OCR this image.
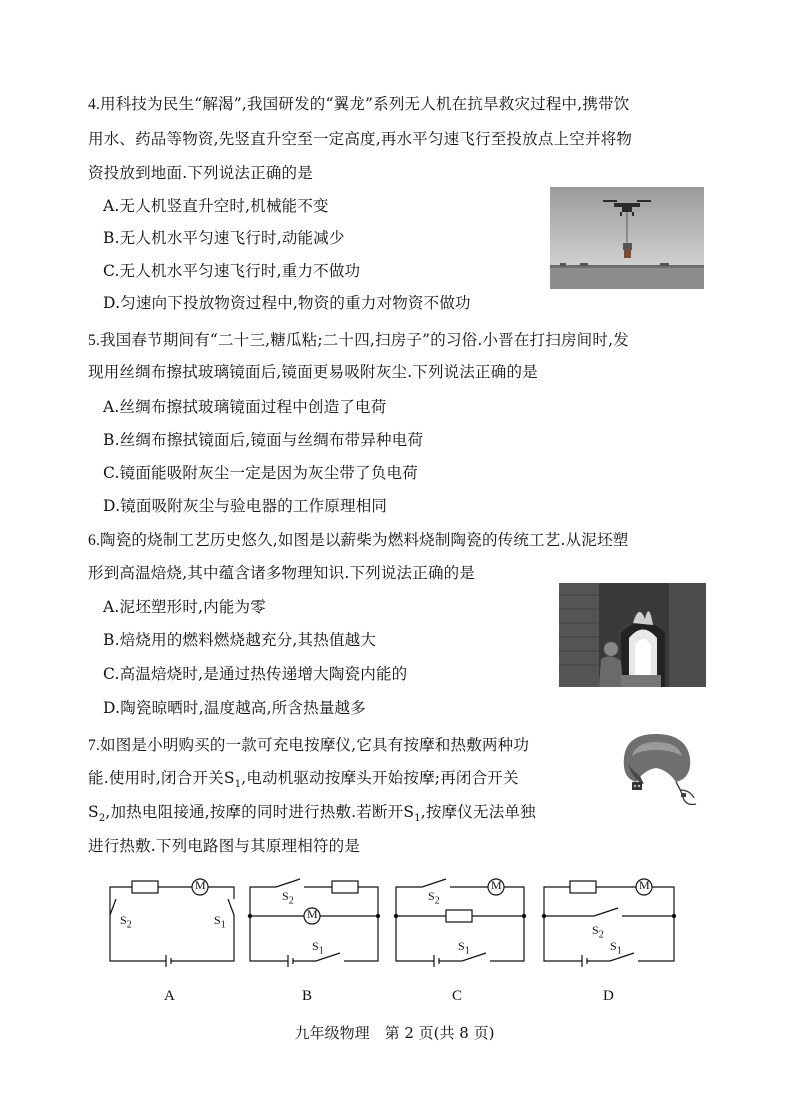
4.用科技为民生“解渴”,我国研发的“翼龙”系列无人机在抗旱救灾过程中,携带饮
用水、药品等物资,先竖直升空至一定高度,再水平匀速飞行至投放点上空并将物
资投放到地面.下列说法正确的是
A.无人机竖直升空时,机械能不变
B.无人机水平匀速飞行时,动能减少
C.无人机水平匀速飞行时,重力不做功
D.匀速向下投放物资过程中,物资的重力对物资不做功
5.我国春节期间有“二十三,糖瓜粘;二十四,扫房子”的习俗.小晋在打扫房间时,发
现用丝绸布擦拭玻璃镜面后,镜面更易吸附灰尘.下列说法正确的是
A.丝绸布擦拭玻璃镜面过程中创造了电荷
B.丝绸布擦拭镜面后,镜面与丝绸布带异种电荷
C.镜面能吸附灰尘一定是因为灰尘带了负电荷
D.镜面吸附灰尘与验电器的工作原理相同
6.陶瓷的烧制工艺历史悠久,如图是以薪柴为燃料烧制陶瓷的传统工艺.从泥坯塑
形到高温焙烧,其中蕴含诸多物理知识.下列说法正确的是
A.泥坯塑形时,内能为零
B.焙烧用的燃料燃烧越充分,其热值越大
C.高温焙烧时,是通过热传递增大陶瓷内能的
D.陶瓷晾晒时,温度越高,所含热量越多
7.如图是小明购买的一款可充电按摩仪,它具有按摩和热敷两种功
能.使用时,闭合开关$S_1$,电动机驱动按摩头开始按摩;再闭合开关
$S_2$,加热电阻接通,按摩的同时进行热敷.若断开$S_1$,按摩仪无法单独
进行热敷.下列电路图与其原理相符的是
M
$S_2$	$S_1$
M
$S_2$
$S_1$
M
$S_2$
$S_1$
M
$S_2$
$S_1$
A	B	C	D
九年级物理　第 2 页(共 8 页)
